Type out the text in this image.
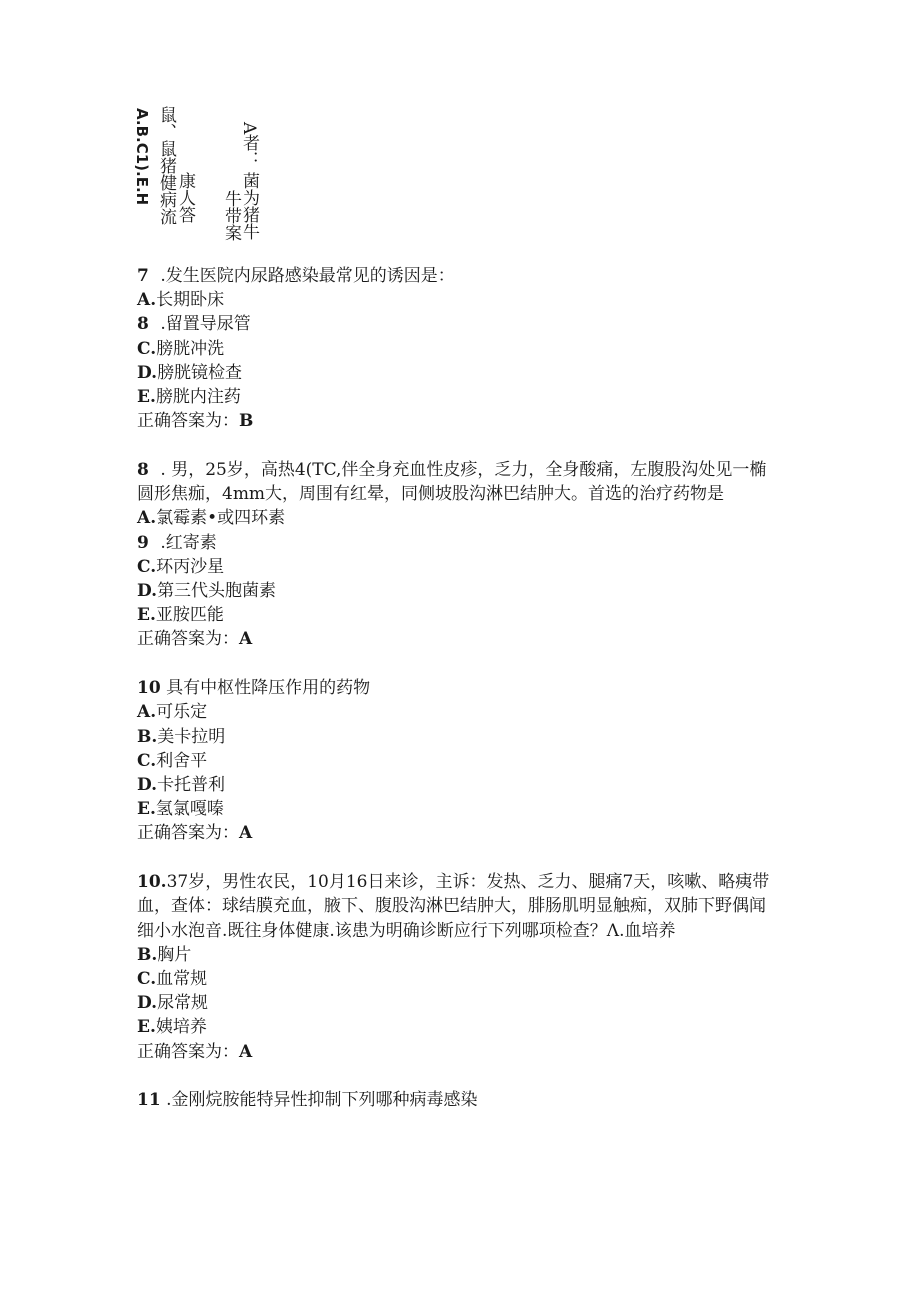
A.B.C1).E.H 鼠、鼠猪健病流 康人答
A者：
牛带案
菌为猪牛
7 .发生医院内尿路感染最常见的诱因是：
A.长期卧床
8 .留置导尿管
C.膀胱冲洗
D.膀胱镜检查
E.膀胱内注药
正确答案为：B
8 . 男，25岁，高热4(TC,伴全身充血性皮疹，乏力，全身酸痛，左腹股沟处见一椭圆形焦痂，4mm大，周围有红晕，同侧坡股沟淋巴结肿大。首选的治疗药物是
A.氯霉素•或四环素
9 .红寄素
C.环丙沙星
D.第三代头胞菌素
E.亚胺匹能
正确答案为：A
10 具有中枢性降压作用的药物
A.可乐定
B.美卡拉明
C.利舍平
D.卡托普利
E.氢氯嘎嗪
正确答案为：A
10.37岁，男性农民，10月16日来诊，主诉：发热、乏力、腿痛7天，咳嗽、略痍带血，查体：球结膜充血，腋下、腹股沟淋巴结肿大，腓肠肌明显触痴，双肺下野偶闻细小水泡音.既往身体健康.该患为明确诊断应行下列哪项检查？Λ.血培养
B.胸片
C.血常规
D.尿常规
E.姨培养
正确答案为：A
11 .金刚烷胺能特异性抑制下列哪种病毒感染
